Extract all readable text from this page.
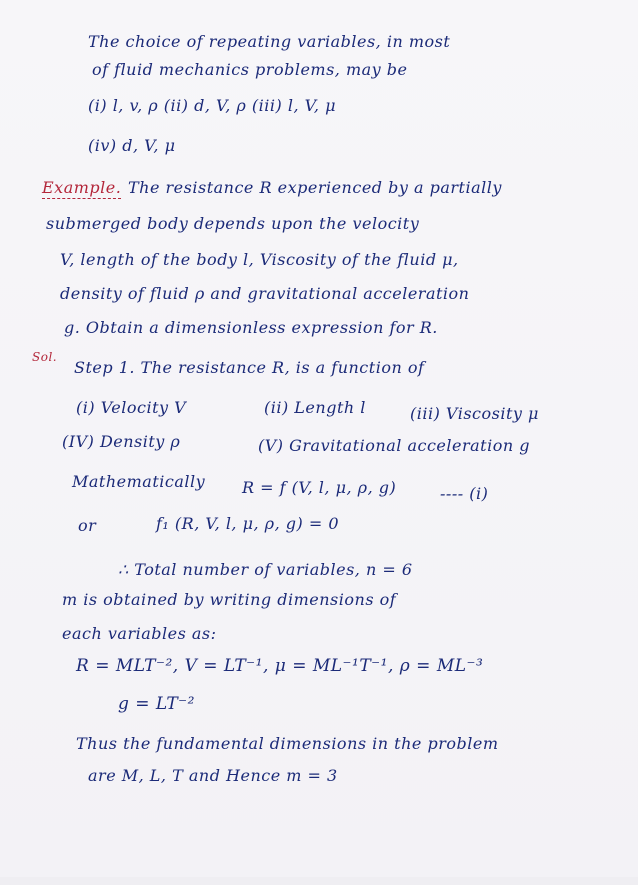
The choice of repeating variables, in most
of fluid mechanics problems, may be
(i) l, v, ρ (ii) d, V, ρ (iii) l, V, μ
(iv) d, V, μ
Example. The resistance R experienced by a partially
submerged body depends upon the velocity
V, length of the body l, Viscosity of the fluid μ,
density of fluid ρ and gravitational acceleration
g. Obtain a dimensionless expression for R.
Sol.
Step 1. The resistance R, is a function of
(i) Velocity V	(ii) Length l	(iii) Viscosity μ
(IV) Density ρ	(V) Gravitational acceleration g
Mathematically R = f (V, l, μ, ρ, g)	---- (i)
or	f₁ (R, V, l, μ, ρ, g) = 0
∴ Total number of variables, n = 6
m is obtained by writing dimensions of
each variables as:
R = MLT⁻², V = LT⁻¹, μ = ML⁻¹T⁻¹, ρ = ML⁻³
g = LT⁻²
Thus the fundamental dimensions in the problem
are M, L, T and Hence m = 3
